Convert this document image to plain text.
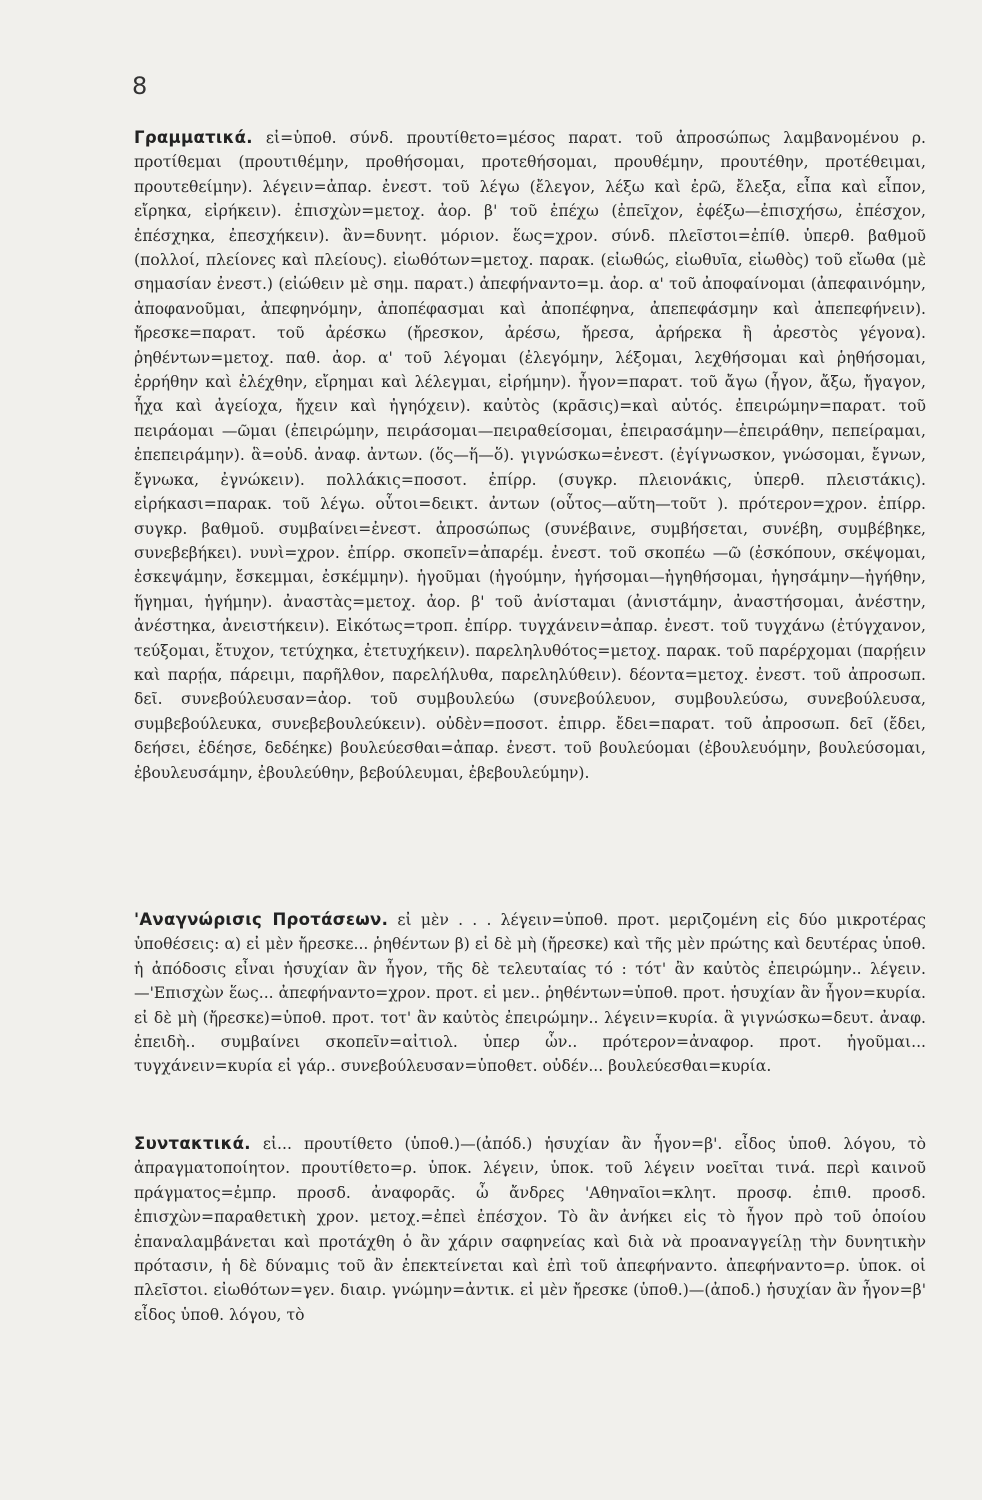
8

Γραμματικά. εἰ=ὑποθ. σύνδ. προυτίθετο=μέσος παρατ. τοῦ ἀπροσώπως λαμβανομένου ρ. προτίθεμαι (προυτιθέμην, προθήσομαι, προτεθήσομαι, προυθέμην, προυτέθην, προτέθειμαι, προυτεθείμην). λέγειν=ἀπαρ. ἐνεστ. τοῦ λέγω (ἔλεγον, λέξω καὶ ἐρῶ, ἔλεξα, εἶπα καὶ εἶπον, εἴρηκα, εἰρήκειν). ἐπισχὼν=μετοχ. ἀορ. β' τοῦ ἐπέχω (ἐπεῖχον, ἐφέξω—ἐπισχήσω, ἐπέσχον, ἐπέσχηκα, ἐπεσχήκειν). ἂν=δυνητ. μόριον. ἕως=χρον. σύνδ. πλεῖστοι=ἐπίθ. ὑπερθ. βαθμοῦ (πολλοί, πλείονες καὶ πλείους). εἰωθότων=μετοχ. παρακ. (εἰωθώς, εἰωθυῖα, εἰωθὸς) τοῦ εἴωθα (μὲ σημασίαν ἐνεστ.) (εἰώθειν μὲ σημ. παρατ.) ἀπεφήναντο=μ. ἀορ. α' τοῦ ἀποφαίνομαι (ἀπεφαινόμην, ἀποφανοῦμαι, ἀπεφηνόμην, ἀποπέφασμαι καὶ ἀποπέφηνα, ἀπεπεφάσμην καὶ ἀπεπεφήνειν). ἤρεσκε=παρατ. τοῦ ἀρέσκω (ἤρεσκον, ἀρέσω, ἤρεσα, ἀρήρεκα ἢ ἀρεστὸς γέγονα). ῥηθέντων=μετοχ. παθ. ἀορ. α' τοῦ λέγομαι (ἐλεγόμην, λέξομαι, λεχθήσομαι καὶ ῥηθήσομαι, ἐρρήθην καὶ ἐλέχθην, εἴρημαι καὶ λέλεγμαι, εἰρήμην). ἦγον=παρατ. τοῦ ἄγω (ἦγον, ἄξω, ἤγαγον, ἦχα καὶ ἀγείοχα, ἤχειν καὶ ἠγηόχειν). καὐτὸς (κρᾶσις)=καὶ αὐτός. ἐπειρώμην=παρατ. τοῦ πειράομαι —ῶμαι (ἐπειρώμην, πειράσομαι—πειραθείσομαι, ἐπειρασάμην—ἐπειράθην, πεπείραμαι, ἐπεπειράμην). ἃ=οὐδ. ἀναφ. ἀντων. (ὅς—ἥ—ὅ). γιγνώσκω=ἐνεστ. (ἐγίγνωσκον, γνώσομαι, ἔγνων, ἔγνωκα, ἐγνώκειν). πολλάκις=ποσοτ. ἐπίρρ. (συγκρ. πλειονάκις, ὑπερθ. πλειστάκις). εἰρήκασι=παρακ. τοῦ λέγω. οὗτοι=δεικτ. ἀντων (οὗτος—αὕτη—τοῦτ ). πρότερον=χρον. ἐπίρρ. συγκρ. βαθμοῦ. συμβαίνει=ἐνεστ. ἀπροσώπως (συνέβαινε, συμβήσεται, συνέβη, συμβέβηκε, συνεβεβήκει). νυνὶ=χρον. ἐπίρρ. σκοπεῖν=ἀπαρέμ. ἐνεστ. τοῦ σκοπέω —ῶ (ἐσκόπουν, σκέψομαι, ἐσκεψάμην, ἔσκεμμαι, ἐσκέμμην). ἡγοῦμαι (ἡγούμην, ἡγήσομαι—ἡγηθήσομαι, ἡγησάμην—ἠγήθην, ἥγημαι, ἡγήμην). ἀναστὰς=μετοχ. ἀορ. β' τοῦ ἀνίσταμαι (ἀνιστάμην, ἀναστήσομαι, ἀνέστην, ἀνέστηκα, ἀνειστήκειν). Εἰκότως=τροπ. ἐπίρρ. τυγχάνειν=ἀπαρ. ἐνεστ. τοῦ τυγχάνω (ἐτύγχανον, τεύξομαι, ἔτυχον, τετύχηκα, ἐτετυχήκειν). παρεληλυθότος=μετοχ. παρακ. τοῦ παρέρχομαι (παρῄειν καὶ παρῄα, πάρειμι, παρῆλθον, παρελήλυθα, παρεληλύθειν). δέοντα=μετοχ. ἐνεστ. τοῦ ἀπροσωπ. δεῖ. συνεβούλευσαν=ἀορ. τοῦ συμβουλεύω (συνεβούλευον, συμβουλεύσω, συνεβούλευσα, συμβεβούλευκα, συνεβεβουλεύκειν). οὐδὲν=ποσοτ. ἐπιρρ. ἔδει=παρατ. τοῦ ἀπροσωπ. δεῖ (ἔδει, δεήσει, ἐδέησε, δεδέηκε) βουλεύεσθαι=ἀπαρ. ἐνεστ. τοῦ βουλεύομαι (ἐβουλευόμην, βουλεύσομαι, ἐβουλευσάμην, ἐβουλεύθην, βεβούλευμαι, ἐβεβουλεύμην).

'Αναγνώρισις Προτάσεων. εἰ μὲν . . . λέγειν=ὑποθ. προτ. μεριζομένη εἰς δύο μικροτέρας ὑποθέσεις: α) εἰ μὲν ἤρεσκε... ῥηθέντων β) εἰ δὲ μὴ (ἤρεσκε) καὶ τῆς μὲν πρώτης καὶ δευτέρας ὑποθ. ἡ ἀπόδοσις εἶναι ἡσυχίαν ἂν ἦγον, τῆς δὲ τελευταίας τό : τότ' ἂν καὐτὸς ἐπειρώμην.. λέγειν.—'Επισχὼν ἕως... ἀπεφήναντο=χρον. προτ. εἰ μεν.. ῥηθέντων=ὑποθ. προτ. ἡσυχίαν ἂν ἦγον=κυρία. εἰ δὲ μὴ (ἤρεσκε)=ὑποθ. προτ. τοτ' ἂν καὐτὸς ἐπειρώμην.. λέγειν=κυρία. ἃ γιγνώσκω=δευτ. ἀναφ. ἐπειδὴ.. συμβαίνει σκοπεῖν=αἰτιολ. ὑπερ ὧν.. πρότερον=ἀναφορ. προτ. ἡγοῦμαι... τυγχάνειν=κυρία εἰ γάρ.. συνεβούλευσαν=ὑποθετ. οὐδέν... βουλεύεσθαι=κυρία.

Συντακτικά. εἰ... προυτίθετο (ὑποθ.)—(ἀπόδ.) ἡσυχίαν ἂν ἦγον=β'. εἶδος ὑποθ. λόγου, τὸ ἀπραγματοποίητον. προυτίθετο=ρ. ὑποκ. λέγειν, ὑποκ. τοῦ λέγειν νοεῖται τινά. περὶ καινοῦ πράγματος=ἐμπρ. προσδ. ἀναφορᾶς. ὦ ἄνδρες 'Αθηναῖοι=κλητ. προσφ. ἐπιθ. προσδ. ἐπισχὼν=παραθετικὴ χρον. μετοχ.=ἐπεὶ ἐπέσχον. Τὸ ἂν ἀνήκει εἰς τὸ ἦγον πρὸ τοῦ ὁποίου ἐπαναλαμβάνεται καὶ προτάχθη ὁ ἂν χάριν σαφηνείας καὶ διὰ νὰ προαναγγείλῃ τὴν δυνητικὴν πρότασιν, ἡ δὲ δύναμις τοῦ ἂν ἐπεκτείνεται καὶ ἐπὶ τοῦ ἀπεφήναντο. ἀπεφήναντο=ρ. ὑποκ. οἱ πλεῖστοι. εἰωθότων=γεν. διαιρ. γνώμην=ἀντικ. εἰ μὲν ἤρεσκε (ὑποθ.)—(ἀποδ.) ἡσυχίαν ἂν ἦγον=β' εἶδος ὑποθ. λόγου, τὸ
